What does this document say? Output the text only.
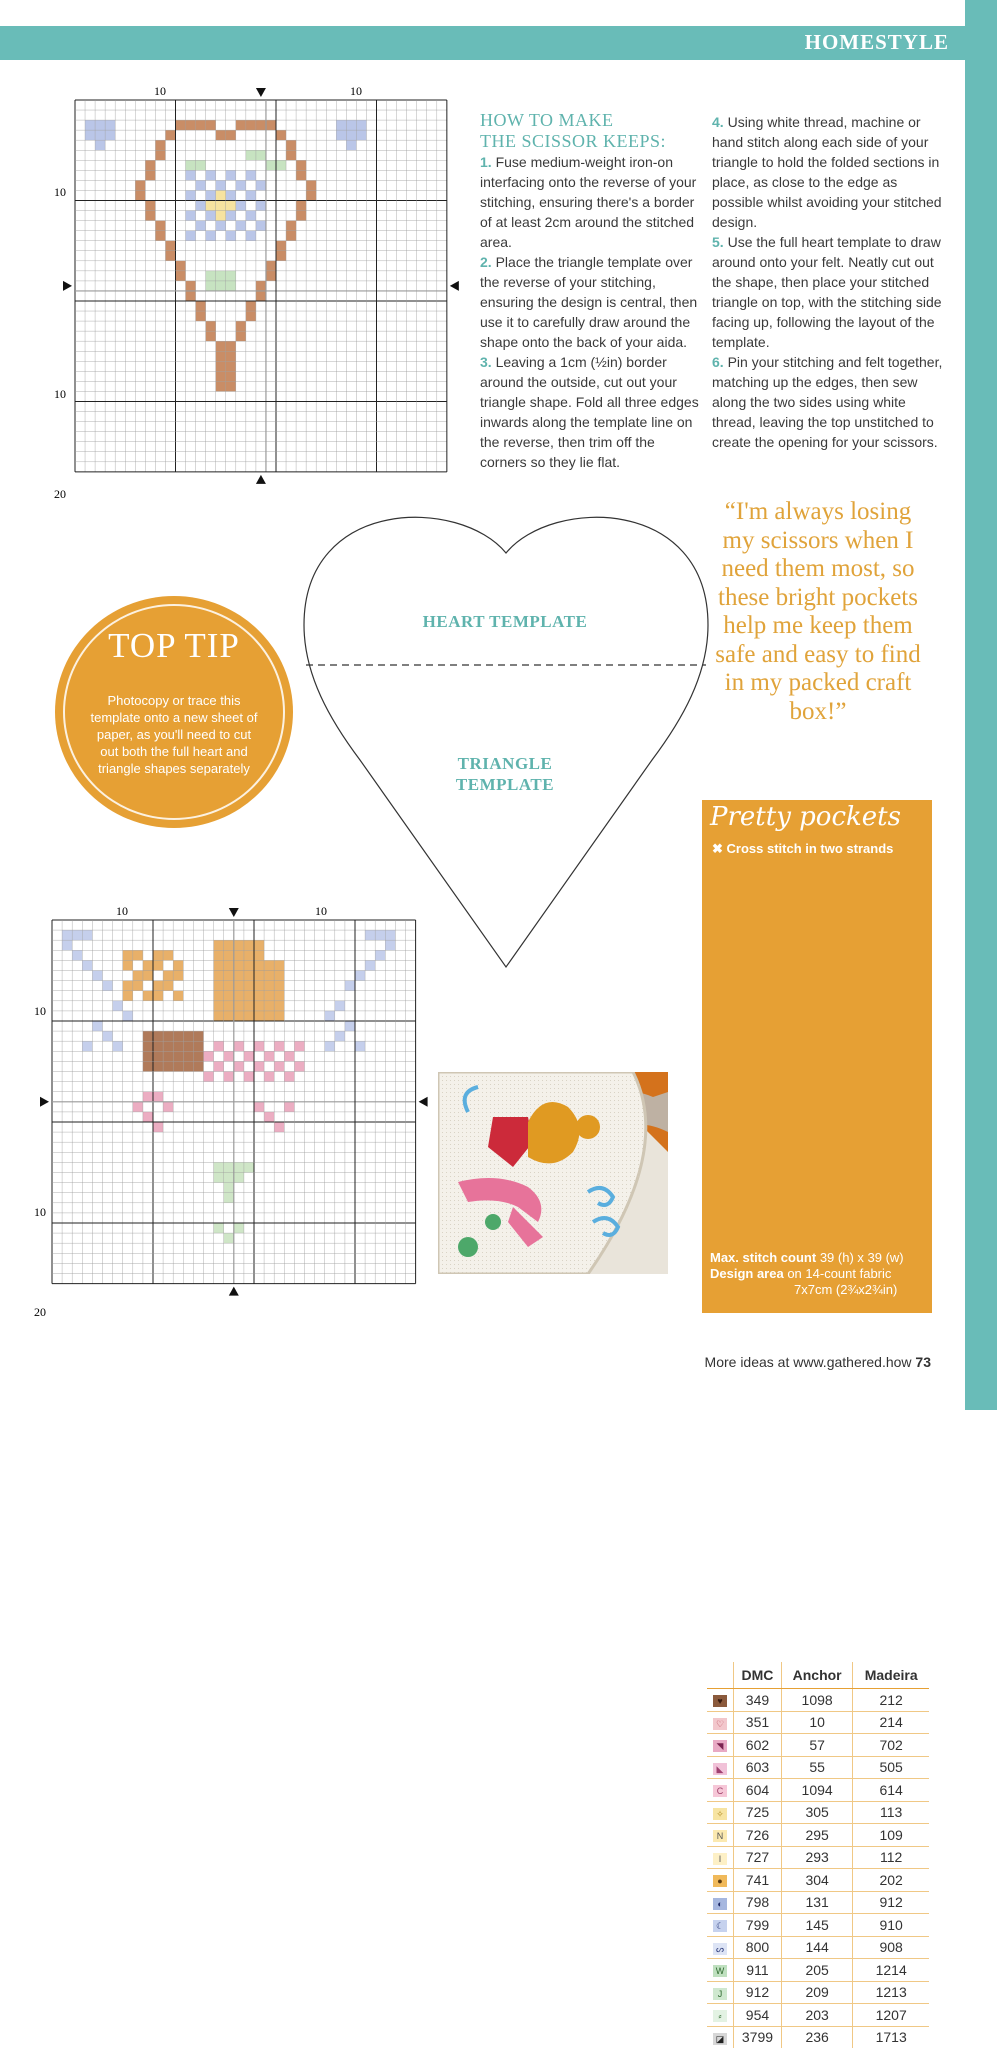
HOMESTYLE
10	10
10
10
20
10	10
10
10
20
HOW TO MAKE
THE SCISSOR KEEPS:

1. Fuse medium-weight iron-on interfacing onto the reverse of your stitching, ensuring there's a border of at least 2cm around the stitched area.

2. Place the triangle template over the reverse of your stitching, ensuring the design is central, then use it to carefully draw around the shape onto the back of your aida.

3. Leaving a 1cm (½in) border around the outside, cut out your triangle shape. Fold all three edges inwards along the template line on the reverse, then trim off the corners so they lie flat.

4. Using white thread, machine or hand stitch along each side of your triangle to hold the folded sections in place, as close to the edge as possible whilst avoiding your stitched design.

5. Use the full heart template to draw around onto your felt. Neatly cut out the shape, then place your stitched triangle on top, with the stitching side facing up, following the layout of the template.

6. Pin your stitching and felt together, matching up the edges, then sew along the two sides using white thread, leaving the top unstitched to create the opening for your scissors.

“I'm always losing my scissors when I need them most, so these bright pockets help me keep them safe and easy to find in my packed craft box!”
TOP TIP

Photocopy or trace this template onto a new sheet of paper, as you'll need to cut out both the full heart and triangle shapes separately

HEART TEMPLATE
TRIANGLE
TEMPLATE
Pretty pockets
✖ Cross stitch in two strands
	DMC	Anchor	Madeira
♥	349	1098	212
♡	351	10	214
◥	602	57	702
◣	603	55	505
C	604	1094	614
✧	725	305	113
N	726	295	109
I	727	293	112
●	741	304	202
◐	798	131	912
☾	799	145	910
ᔕ	800	144	908
W	911	205	1214
J	912	209	1213
⸗	954	203	1207
◪	3799	236	1713
Max. stitch count 39 (h) x 39 (w)
Design area on 14-count fabric
7x7cm (2¾x2¾in)
More ideas at www.gathered.how 73
